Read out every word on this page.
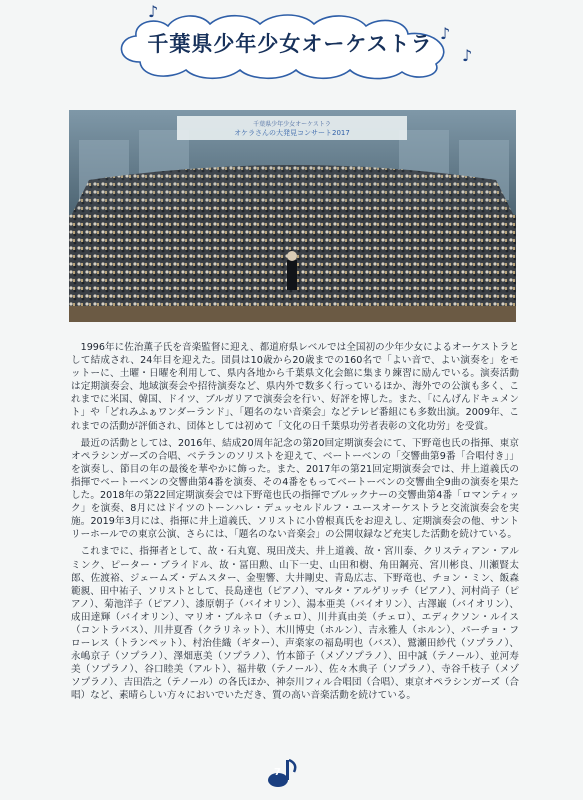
♪
♪
♪
千葉県少年少女オーケストラ
千葉県少年少女オーケストラ
オケラさんの大発見コンサート2017

1996年に佐治薫子氏を音楽監督に迎え、都道府県レベルでは全国初の少年少女によるオーケストラとして結成され、24年目を迎えた。団員は10歳から20歳までの160名で「よい音で、よい演奏を」をモットーに、土曜・日曜を利用して、県内各地から千葉県文化会館に集まり練習に励んでいる。演奏活動は定期演奏会、地域演奏会や招待演奏など、県内外で数多く行っているほか、海外での公演も多く、これまでに米国、韓国、ドイツ、ブルガリアで演奏会を行い、好評を博した。また、「にんげんドキュメント」や「どれみふぁワンダーランド」、「題名のない音楽会」などテレビ番組にも多数出演。2009年、これまでの活動が評価され、団体としては初めて「文化の日千葉県功労者表彰の文化功労」を受賞。

最近の活動としては、2016年、結成20周年記念の第20回定期演奏会にて、下野竜也氏の指揮、東京オペラシンガーズの合唱、ベテランのソリストを迎えて、ベートーベンの「交響曲第9番「合唱付き」」を演奏し、節目の年の最後を華やかに飾った。また、2017年の第21回定期演奏会では、井上道義氏の指揮でベートーベンの交響曲第4番を演奏、その4番をもってベートーベンの交響曲全9曲の演奏を果たした。2018年の第22回定期演奏会では下野竜也氏の指揮でブルックナーの交響曲第4番「ロマンティック」を演奏、8月にはドイツのトーンハレ・デュッセルドルフ・ユースオーケストラと交流演奏会を実施。2019年3月には、指揮に井上道義氏、ソリストに小曽根真氏をお迎えし、定期演奏会の他、サントリーホールでの東京公演、さらには、「題名のない音楽会」の公開収録など充実した活動を続けている。

これまでに、指揮者として、故・石丸寛、現田茂夫、井上道義、故・宮川泰、クリスティアン・アルミンク、ピーター・ブライドル、故・冨田勲、山下一史、山田和樹、角田鋼亮、宮川彬良、川瀬賢太郎、佐渡裕、ジェームズ・デムスター、金聖響、大井剛史、青島広志、下野竜也、チョン・ミン、飯森範親、田中祐子、ソリストとして、長島達也（ピアノ）、マルタ・アルゲリッチ（ピアノ）、河村尚子（ピアノ）、菊池洋子（ピアノ）、漆原朝子（バイオリン）、湯本亜美（バイオリン）、古澤巌（バイオリン）、成田達輝（バイオリン）、マリオ・ブルネロ（チェロ）、川井真由美（チェロ）、エディクソン・ルイス（コントラバス）、川井夏香（クラリネット）、木川博史（ホルン）、吉永雅人（ホルン）、パーチョ・フローレス（トランペット）、村治佳織（ギター）、声楽家の福島明也（バス）、鷲瀬田紗代（ソプラノ）、永嶋京子（ソプラノ）、澤畑恵美（ソプラノ）、竹本節子（メゾソプラノ）、田中誠（テノール）、並河寿美（ソプラノ）、谷口睦美（アルト）、福井敬（テノール）、佐々木典子（ソプラノ）、寺谷千枝子（メゾソプラノ）、吉田浩之（テノール）の各氏ほか、神奈川フィル合唱団（合唱）、東京オペラシンガーズ（合唱）など、素晴らしい方々においでいただき、質の高い音楽活動を続けている。

7
